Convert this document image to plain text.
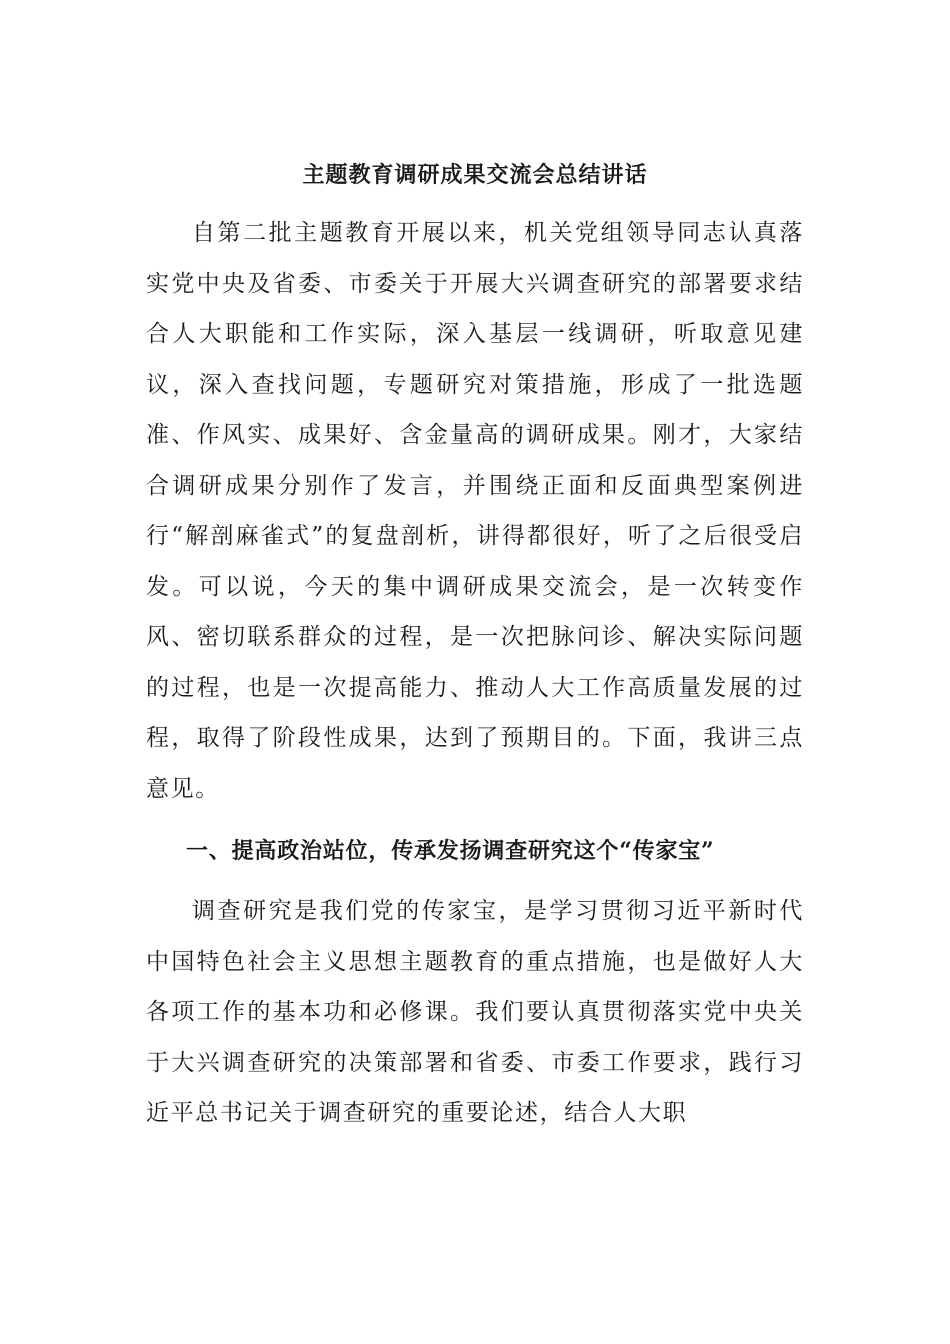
主题教育调研成果交流会总结讲话

自第二批主题教育开展以来，机关党组领导同志认真落实党中央及省委、市委关于开展大兴调查研究的部署要求结合人大职能和工作实际，深入基层一线调研，听取意见建议，深入查找问题，专题研究对策措施，形成了一批选题准、作风实、成果好、含金量高的调研成果。刚才，大家结合调研成果分别作了发言，并围绕正面和反面典型案例进行“解剖麻雀式”的复盘剖析，讲得都很好，听了之后很受启发。可以说，今天的集中调研成果交流会，是一次转变作风、密切联系群众的过程，是一次把脉问诊、解决实际问题的过程，也是一次提高能力、推动人大工作高质量发展的过程，取得了阶段性成果，达到了预期目的。下面，我讲三点意见。

一、提高政治站位，传承发扬调查研究这个“传家宝”

调查研究是我们党的传家宝，是学习贯彻习近平新时代中国特色社会主义思想主题教育的重点措施，也是做好人大各项工作的基本功和必修课。我们要认真贯彻落实党中央关于大兴调查研究的决策部署和省委、市委工作要求，践行习近平总书记关于调查研究的重要论述，结合人大职
